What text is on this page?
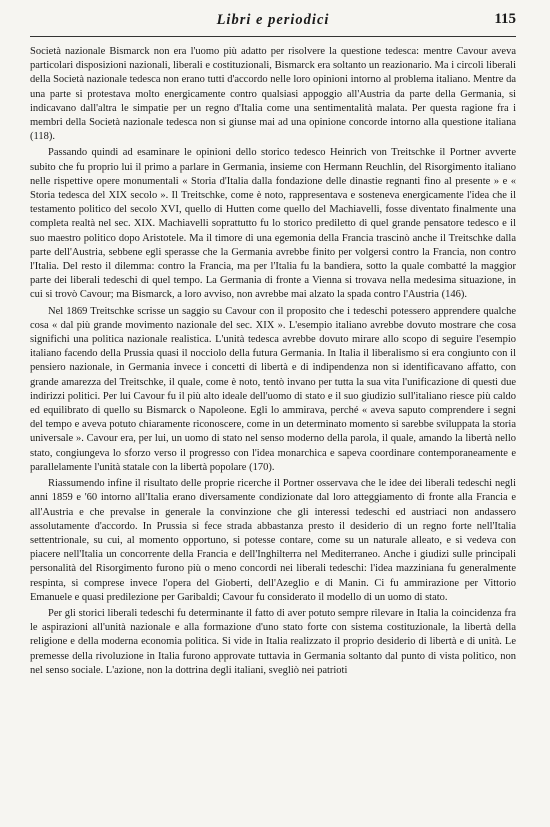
Libri e periodici	115

Società nazionale Bismarck non era l'uomo più adatto per risolvere la questione tedesca: mentre Cavour aveva particolari disposizioni nazionali, liberali e costituzionali, Bismarck era soltanto un reazionario. Ma i circoli liberali della Società nazionale tedesca non erano tutti d'accordo nelle loro opinioni intorno al problema italiano. Mentre da una parte si protestava molto energicamente contro qualsiasi appoggio all'Austria da parte della Germania, si indicavano dall'altra le simpatie per un regno d'Italia come una sentimentalità malata. Per questa ragione fra i membri della Società nazionale tedesca non si giunse mai ad una opinione concorde intorno alla questione italiana (118).

Passando quindi ad esaminare le opinioni dello storico tedesco Heinrich von Treitschke il Portner avverte subito che fu proprio lui il primo a parlare in Germania, insieme con Hermann Reuchlin, del Risorgimento italiano nelle rispettive opere monumentali « Storia d'Italia dalla fondazione delle dinastie regnanti fino al presente » e « Storia tedesca del XIX secolo ». Il Treitschke, come è noto, rappresentava e sosteneva energicamente l'idea che il testamento politico del secolo XVI, quello di Hutten come quello del Machiavelli, fosse diventato finalmente una completa realtà nel sec. XIX. Machiavelli soprattutto fu lo storico prediletto di quel grande pensatore tedesco e il suo maestro politico dopo Aristotele. Ma il timore di una egemonia della Francia trascinò anche il Treitschke dalla parte dell'Austria, sebbene egli sperasse che la Germania avrebbe finito per volgersi contro la Francia, non contro l'Italia. Del resto il dilemma: contro la Francia, ma per l'Italia fu la bandiera, sotto la quale combatté la maggior parte dei liberali tedeschi di quel tempo. La Germania di fronte a Vienna si trovava nella medesima situazione, in cui si trovò Cavour; ma Bismarck, a loro avviso, non avrebbe mai alzato la spada contro l'Austria (146).

Nel 1869 Treitschke scrisse un saggio su Cavour con il proposito che i tedeschi potessero apprendere qualche cosa « dal più grande movimento nazionale del sec. XIX ». L'esempio italiano avrebbe dovuto mostrare che cosa significhi una politica nazionale realistica. L'unità tedesca avrebbe dovuto mirare allo scopo di seguire l'esempio italiano facendo della Prussia quasi il nocciolo della futura Germania. In Italia il liberalismo si era congiunto con il pensiero nazionale, in Germania invece i concetti di libertà e di indipendenza non si identificavano affatto, con grande amarezza del Treitschke, il quale, come è noto, tentò invano per tutta la sua vita l'unificazione di questi due indirizzi politici. Per lui Cavour fu il più alto ideale dell'uomo di stato e il suo giudizio sull'italiano riesce più caldo ed equilibrato di quello su Bismarck o Napoleone. Egli lo ammirava, perché « aveva saputo comprendere i segni del tempo e aveva potuto chiaramente riconoscere, come in un determinato momento si sarebbe sviluppata la storia universale ». Cavour era, per lui, un uomo di stato nel senso moderno della parola, il quale, amando la libertà nello stato, congiungeva lo sforzo verso il progresso con l'idea monarchica e sapeva coordinare contemporaneamente e parallelamente l'unità statale con la libertà popolare (170).

Riassumendo infine il risultato delle proprie ricerche il Portner osservava che le idee dei liberali tedeschi negli anni 1859 e '60 intorno all'Italia erano diversamente condizionate dal loro atteggiamento di fronte alla Francia e all'Austria e che prevalse in generale la convinzione che gli interessi tedeschi ed austriaci non andassero assolutamente d'accordo. In Prussia si fece strada abbastanza presto il desiderio di un regno forte nell'Italia settentrionale, su cui, al momento opportuno, si potesse contare, come su un naturale alleato, e si vedeva con piacere nell'Italia un concorrente della Francia e dell'Inghilterra nel Mediterraneo. Anche i giudizi sulle principali personalità del Risorgimento furono più o meno concordi nei liberali tedeschi: l'idea mazziniana fu generalmente respinta, si comprese invece l'opera del Gioberti, dell'Azeglio e di Manin. Ci fu ammirazione per Vittorio Emanuele e quasi predilezione per Garibaldi; Cavour fu considerato il modello di un uomo di stato.

Per gli storici liberali tedeschi fu determinante il fatto di aver potuto sempre rilevare in Italia la coincidenza fra le aspirazioni all'unità nazionale e alla formazione d'uno stato forte con sistema costituzionale, la libertà della religione e della moderna economia politica. Si vide in Italia realizzato il proprio desiderio di libertà e di unità. Le premesse della rivoluzione in Italia furono approvate tuttavia in Germania soltanto dal punto di vista politico, non nel senso sociale. L'azione, non la dottrina degli italiani, svegliò nei patrioti
